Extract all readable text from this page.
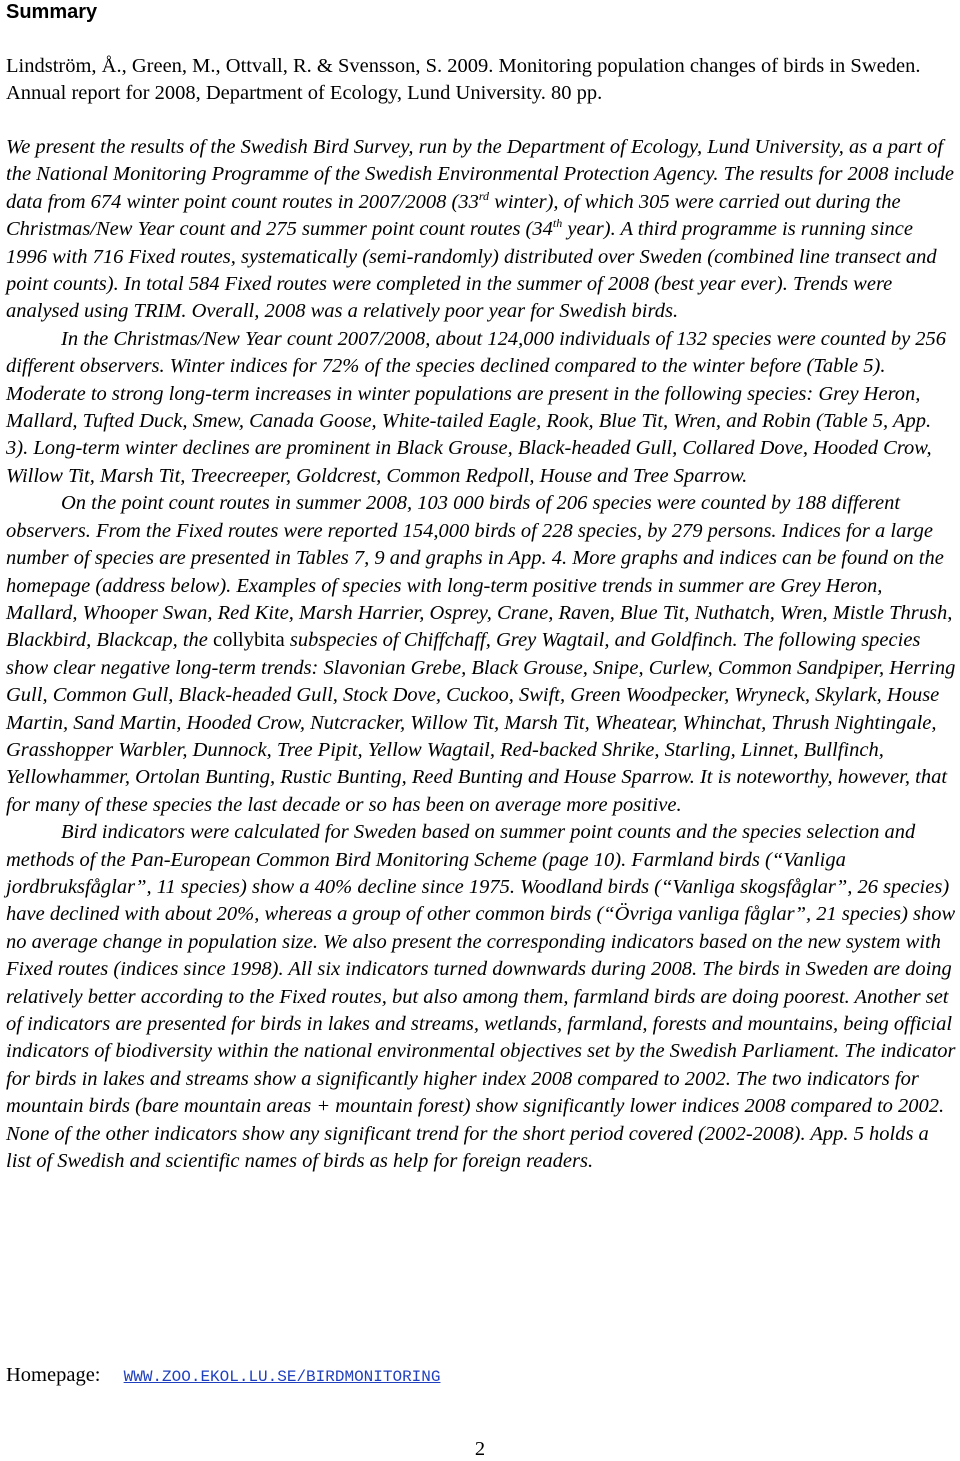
Summary
Lindström, Å., Green, M., Ottvall, R. & Svensson, S. 2009. Monitoring population changes of birds in Sweden. Annual report for 2008, Department of Ecology, Lund University. 80 pp.

We present the results of the Swedish Bird Survey, run by the Department of Ecology, Lund University, as a part of the National Monitoring Programme of the Swedish Environmental Protection Agency. The results for 2008 include data from 674 winter point count routes in 2007/2008 (33rd winter), of which 305 were carried out during the Christmas/New Year count and 275 summer point count routes (34th year). A third programme is running since 1996 with 716 Fixed routes, systematically (semi-randomly) distributed over Sweden (combined line transect and point counts). In total 584 Fixed routes were completed in the summer of 2008 (best year ever). Trends were analysed using TRIM. Overall, 2008 was a relatively poor year for Swedish birds.

In the Christmas/New Year count 2007/2008, about 124,000 individuals of 132 species were counted by 256 different observers. Winter indices for 72% of the species declined compared to the winter before (Table 5). Moderate to strong long-term increases in winter populations are present in the following species: Grey Heron, Mallard, Tufted Duck, Smew, Canada Goose, White-tailed Eagle, Rook, Blue Tit, Wren, and Robin (Table 5, App. 3). Long-term winter declines are prominent in Black Grouse, Black-headed Gull, Collared Dove, Hooded Crow, Willow Tit, Marsh Tit, Treecreeper, Goldcrest, Common Redpoll, House and Tree Sparrow.

On the point count routes in summer 2008, 103 000 birds of 206 species were counted by 188 different observers. From the Fixed routes were reported 154,000 birds of 228 species, by 279 persons. Indices for a large number of species are presented in Tables 7, 9 and graphs in App. 4. More graphs and indices can be found on the homepage (address below). Examples of species with long-term positive trends in summer are Grey Heron, Mallard, Whooper Swan, Red Kite, Marsh Harrier, Osprey, Crane, Raven, Blue Tit, Nuthatch, Wren, Mistle Thrush, Blackbird, Blackcap, the collybita subspecies of Chiffchaff, Grey Wagtail, and Goldfinch. The following species show clear negative long-term trends: Slavonian Grebe, Black Grouse, Snipe, Curlew, Common Sandpiper, Herring Gull, Common Gull, Black-headed Gull, Stock Dove, Cuckoo, Swift, Green Woodpecker, Wryneck, Skylark, House Martin, Sand Martin, Hooded Crow, Nutcracker, Willow Tit, Marsh Tit, Wheatear, Whinchat, Thrush Nightingale, Grasshopper Warbler, Dunnock, Tree Pipit, Yellow Wagtail, Red-backed Shrike, Starling, Linnet, Bullfinch, Yellowhammer, Ortolan Bunting, Rustic Bunting, Reed Bunting and House Sparrow. It is noteworthy, however, that for many of these species the last decade or so has been on average more positive.

Bird indicators were calculated for Sweden based on summer point counts and the species selection and methods of the Pan-European Common Bird Monitoring Scheme (page 10). Farmland birds (“Vanliga jordbruksfåglar”, 11 species) show a 40% decline since 1975. Woodland birds (“Vanliga skogsfåglar”, 26 species) have declined with about 20%, whereas a group of other common birds (“Övriga vanliga fåglar”, 21 species) show no average change in population size. We also present the corresponding indicators based on the new system with Fixed routes (indices since 1998). All six indicators turned downwards during 2008. The birds in Sweden are doing relatively better according to the Fixed routes, but also among them, farmland birds are doing poorest. Another set of indicators are presented for birds in lakes and streams, wetlands, farmland, forests and mountains, being official indicators of biodiversity within the national environmental objectives set by the Swedish Parliament. The indicator for birds in lakes and streams show a significantly higher index 2008 compared to 2002. The two indicators for mountain birds (bare mountain areas + mountain forest) show significantly lower indices 2008 compared to 2002. None of the other indicators show any significant trend for the short period covered (2002-2008). App. 5 holds a list of Swedish and scientific names of birds as help for foreign readers.

Homepage: WWW.ZOO.EKOL.LU.SE/BIRDMONITORING
2
